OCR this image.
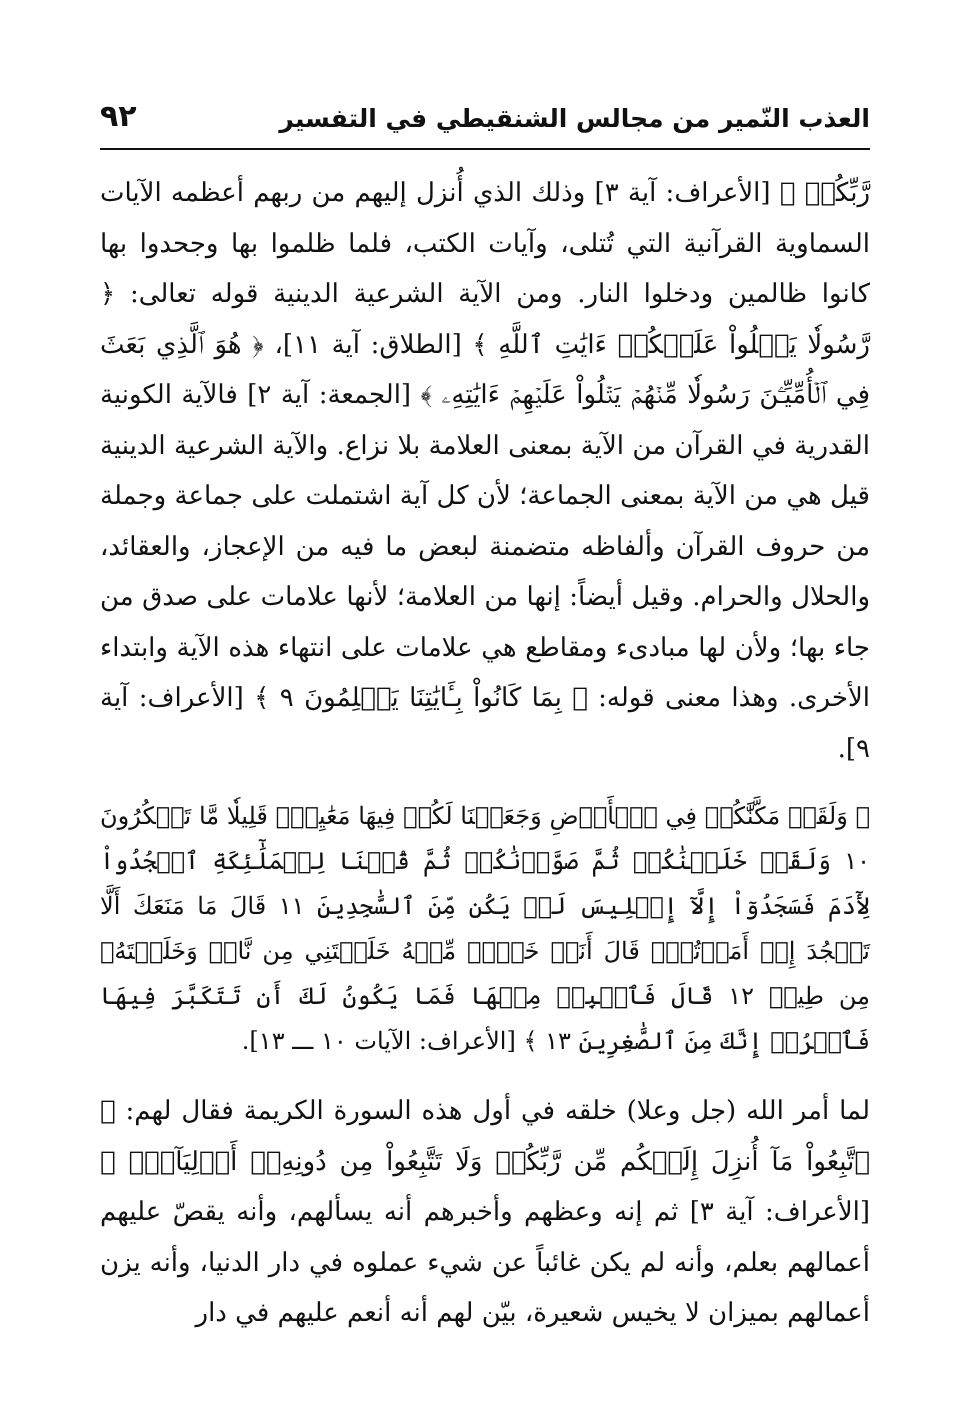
العذب النّمير من مجالس الشنقيطي في التفسير
٩٢

رَّبِّكُمۡ ﴾ [الأعراف: آية ٣] وذلك الذي أُنزل إليهم من ربهم أعظمه الآيات السماوية القرآنية التي تُتلى، وآيات الكتب، فلما ظلموا بها وجحدوا بها كانوا ظالمين ودخلوا النار. ومن الآية الشرعية الدينية قوله تعالى: ﴿ رَّسُولٗا يَتۡلُواْ عَلَيۡكُمۡ ءَايَٰتِ ٱللَّهِ ﴾ [الطلاق: آية ١١]، ﴿ هُوَ ٱلَّذِي بَعَثَ فِي ٱلۡأُمِّيِّـۧنَ رَسُولٗا مِّنۡهُمۡ يَتۡلُواْ عَلَيۡهِمۡ ءَايَٰتِهِۦ ﴾ [الجمعة: آية ٢] فالآية الكونية القدرية في القرآن من الآية بمعنى العلامة بلا نزاع. والآية الشرعية الدينية قيل هي من الآية بمعنى الجماعة؛ لأن كل آية اشتملت على جماعة وجملة من حروف القرآن وألفاظه متضمنة لبعض ما فيه من الإعجاز، والعقائد، والحلال والحرام. وقيل أيضاً: إنها من العلامة؛ لأنها علامات على صدق من جاء بها؛ ولأن لها مبادىء ومقاطع هي علامات على انتهاء هذه الآية وابتداء الأخرى. وهذا معنى قوله: ﴿ بِمَا كَانُواْ بِـَٔايَٰتِنَا يَظۡلِمُونَ ٩ ﴾ [الأعراف: آية ٩].

﴿ وَلَقَدۡ مَكَّنَّٰكُمۡ فِي ٱلۡأَرۡضِ وَجَعَلۡنَا لَكُمۡ فِيهَا مَعَٰيِشَۗ قَلِيلٗا مَّا تَشۡكُرُونَ ١٠ وَلَقَدۡ خَلَقۡنَٰكُمۡ ثُمَّ صَوَّرۡنَٰكُمۡ ثُمَّ قُلۡنَا لِلۡمَلَٰٓئِكَةِ ٱسۡجُدُواْ لِأٓدَمَ فَسَجَدُوٓاْ إِلَّآ إِبۡلِيسَ لَمۡ يَكُن مِّنَ ٱلسَّٰجِدِينَ ١١ قَالَ مَا مَنَعَكَ أَلَّا تَسۡجُدَ إِذۡ أَمَرۡتُكَۖ قَالَ أَنَا۠ خَيۡرٞ مِّنۡهُ خَلَقۡتَنِي مِن نَّارٖ وَخَلَقۡتَهُۥ مِن طِينٖ ١٢ قَالَ فَٱهۡبِطۡ مِنۡهَا فَمَا يَكُونُ لَكَ أَن تَتَكَبَّرَ فِيهَا فَٱخۡرُجۡ إِنَّكَ مِنَ ٱلصَّٰغِرِينَ ١٣ ﴾ [الأعراف: الآيات ١٠ ـــ ١٣].

لما أمر الله (جل وعلا) خلقه في أول هذه السورة الكريمة فقال لهم: ﴿ ٱتَّبِعُواْ مَآ أُنزِلَ إِلَيۡكُم مِّن رَّبِّكُمۡ وَلَا تَتَّبِعُواْ مِن دُونِهِۦٓ أَوۡلِيَآءَۗ ﴾ [الأعراف: آية ٣] ثم إنه وعظهم وأخبرهم أنه يسألهم، وأنه يقصّ عليهم أعمالهم بعلم، وأنه لم يكن غائباً عن شيء عملوه في دار الدنيا، وأنه يزن أعمالهم بميزان لا يخيس شعيرة، بيّن لهم أنه أنعم عليهم في دار
